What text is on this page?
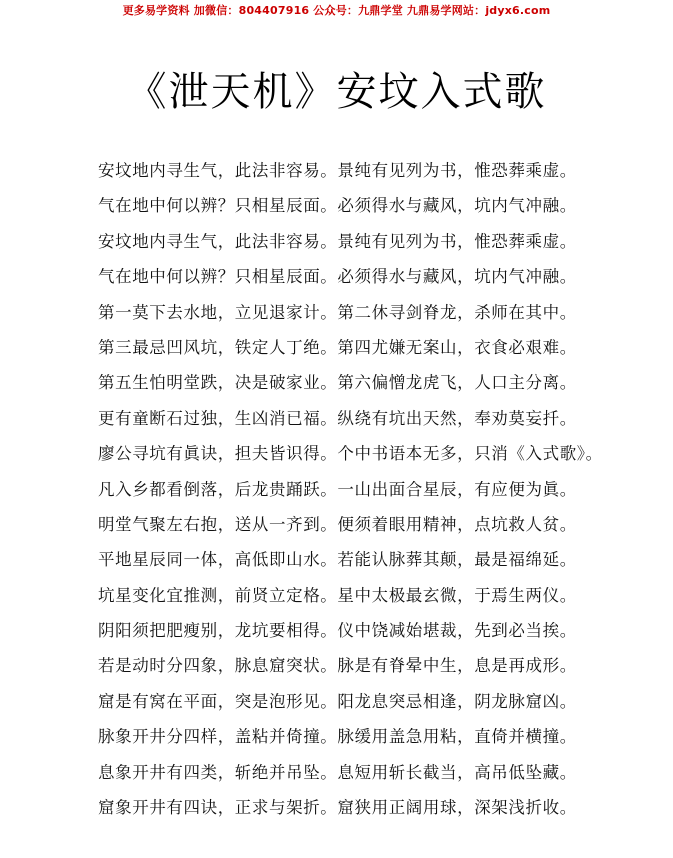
更多易学资料 加微信：804407916 公众号：九鼎学堂 九鼎易学网站：jdyx6.com
《泄天机》安坟入式歌
安坟地内寻生气，此法非容易。景纯有见列为书，惟恐葬乘虚。
气在地中何以辨？只相星辰面。必须得水与藏风，坑内气冲融。
安坟地内寻生气，此法非容易。景纯有见列为书，惟恐葬乘虚。
气在地中何以辨？只相星辰面。必须得水与藏风，坑内气冲融。
第一莫下去水地，立见退家计。第二休寻剑脊龙，杀师在其中。
第三最忌凹风坑，铁定人丁绝。第四尤嫌无案山，衣食必艰难。
第五生怕明堂跌，决是破家业。第六偏憎龙虎飞，人口主分离。
更有童断石过独，生凶消已福。纵绕有坑出天然，奉劝莫妄扦。
廖公寻坑有眞诀，担夫皆识得。个中书语本无多，只消《入式歌》。
凡入乡都看倒落，后龙贵踊跃。一山出面合星辰，有应便为眞。
明堂气聚左右抱，送从一齐到。便须着眼用精神，点坑救人贫。
平地星辰同一体，高低即山水。若能认脉葬其颠，最是福绵延。
坑星变化宜推测，前贤立定格。星中太极最玄微，于焉生两仪。
阴阳须把肥瘦别，龙坑要相得。仪中饶减始堪裁，先到必当挨。
若是动时分四象，脉息窟突状。脉是有脊晕中生，息是再成形。
窟是有窝在平面，突是泡形见。阳龙息突忌相逢，阴龙脉窟凶。
脉象开井分四样，盖粘并倚撞。脉缓用盖急用粘，直倚并横撞。
息象开井有四类，斩绝并吊坠。息短用斩长截当，高吊低坠藏。
窟象开井有四诀，正求与架折。窟狭用正阔用球，深架浅折收。
